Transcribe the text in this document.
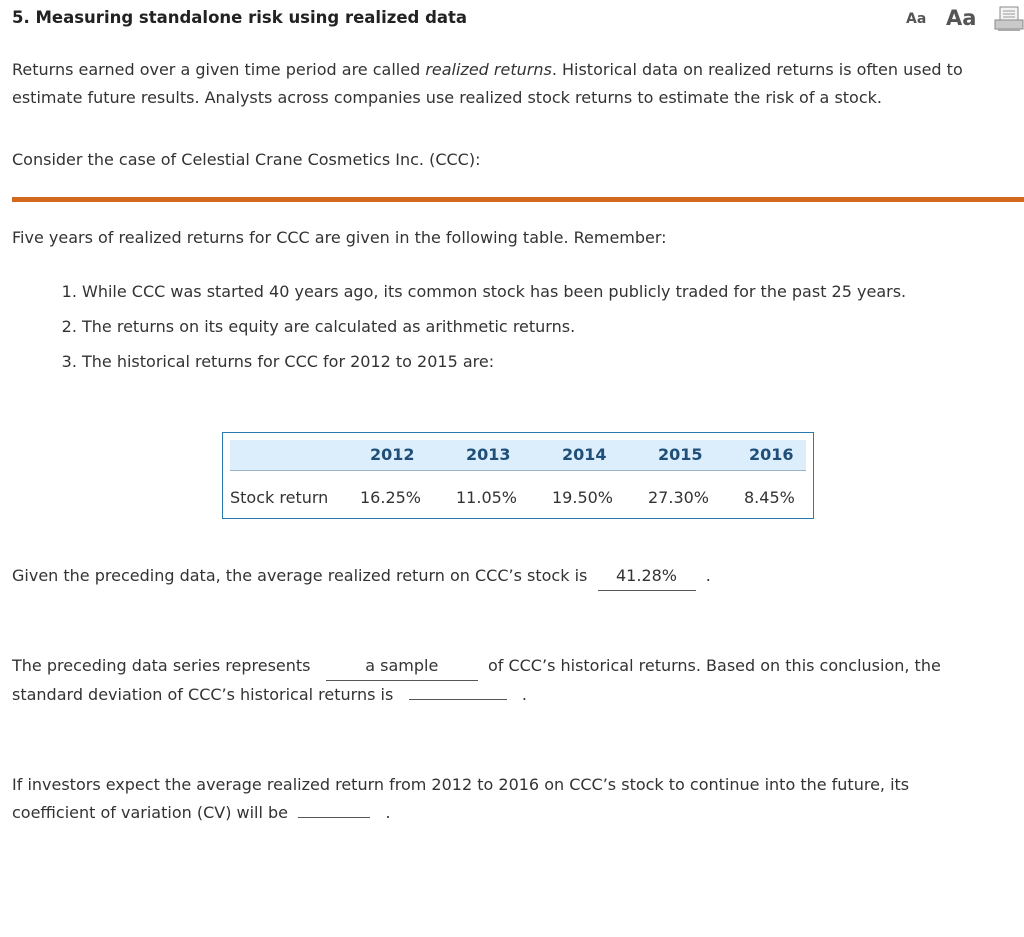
5. Measuring standalone risk using realized data	Aa Aa
Returns earned over a given time period are called realized returns. Historical data on realized returns is often used to estimate future results. Analysts across companies use realized stock returns to estimate the risk of a stock.
Consider the case of Celestial Crane Cosmetics Inc. (CCC):
Five years of realized returns for CCC are given in the following table. Remember:
1. While CCC was started 40 years ago, its common stock has been publicly traded for the past 25 years.
2. The returns on its equity are calculated as arithmetic returns.
3. The historical returns for CCC for 2012 to 2015 are:
2012	2013	2014	2015	2016
Stock return 16.25% 11.05% 19.50% 27.30% 8.45%
Given the preceding data, the average realized return on CCC’s stock is 41.28% .
The preceding data series represents	a sample	of CCC’s historical returns. Based on this conclusion, the
standard deviation of CCC’s historical returns is	.
If investors expect the average realized return from 2012 to 2016 on CCC’s stock to continue into the future, its
coefficient of variation (CV) will be	.
